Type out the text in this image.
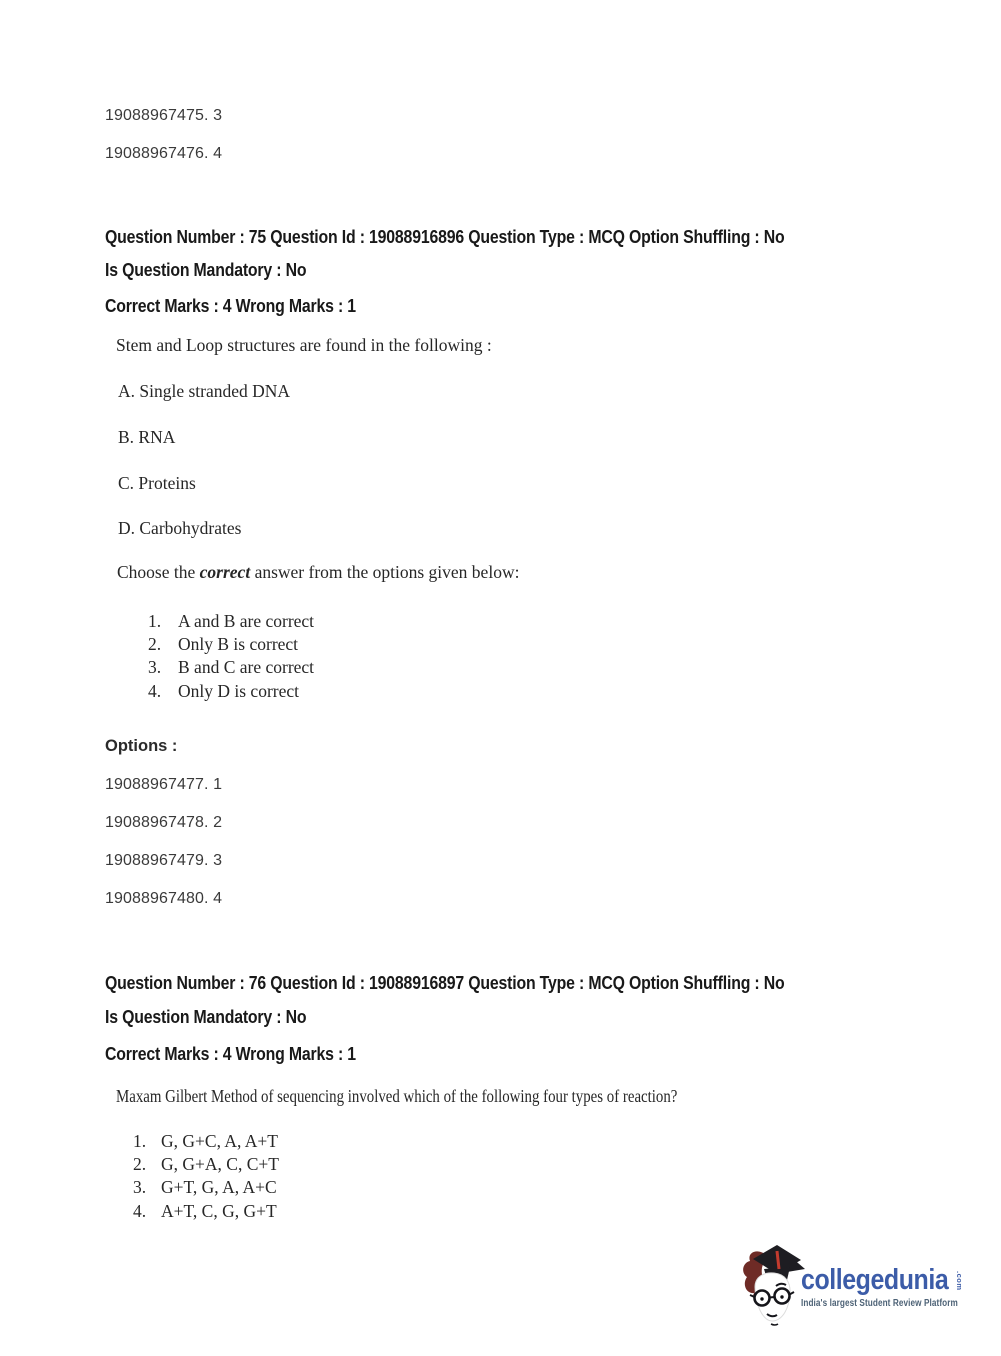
19088967475. 3
19088967476. 4
Question Number : 75 Question Id : 19088916896 Question Type : MCQ Option Shuffling : No
Is Question Mandatory : No
Correct Marks : 4 Wrong Marks : 1
Stem and Loop structures are found in the following :
A. Single stranded DNA
B. RNA
C. Proteins
D. Carbohydrates
Choose the correct answer from the options given below:
1. A and B are correct
2. Only B is correct
3. B and C are correct
4. Only D is correct
Options :
19088967477. 1
19088967478. 2
19088967479. 3
19088967480. 4
Question Number : 76 Question Id : 19088916897 Question Type : MCQ Option Shuffling : No
Is Question Mandatory : No
Correct Marks : 4 Wrong Marks : 1
Maxam Gilbert Method of sequencing involved which of the following four types of reaction?
1. G, G+C, A, A+T
2. G, G+A, C, C+T
3. G+T, G, A, A+C
4. A+T, C, G, G+T
collegedunia .com
India's largest Student Review Platform
